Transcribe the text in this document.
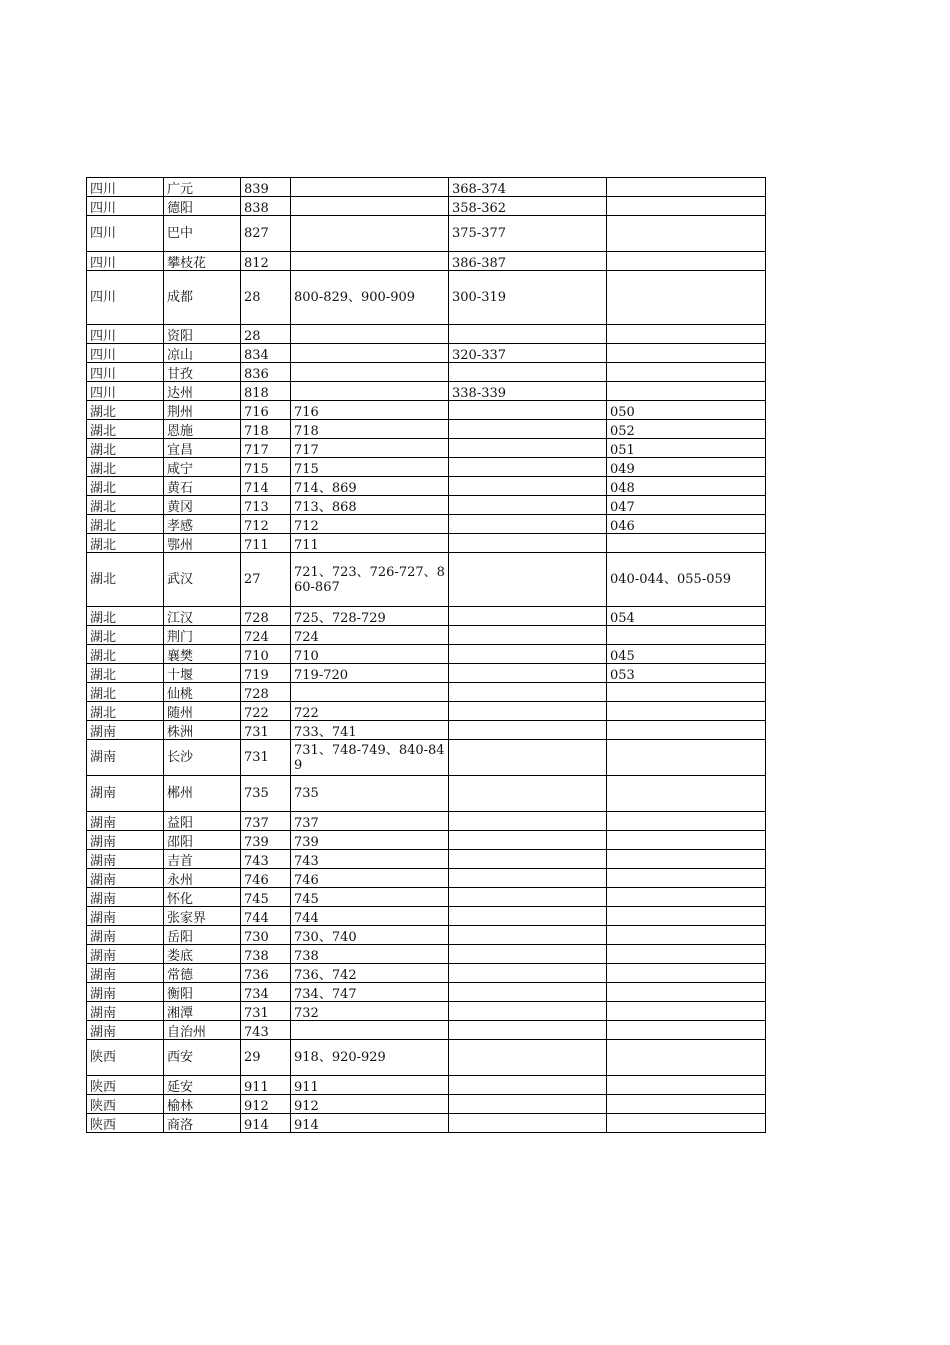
四川	广元	839		368-374	
四川	德阳	838		358-362	
四川	巴中	827		375-377	
四川	攀枝花	812		386-387	
四川	成都	28	800-829、900-909	300-319	
四川	资阳	28			
四川	凉山	834		320-337	
四川	甘孜	836			
四川	达州	818		338-339	
湖北	荆州	716	716		050
湖北	恩施	718	718		052
湖北	宜昌	717	717		051
湖北	咸宁	715	715		049
湖北	黄石	714	714、869		048
湖北	黄冈	713	713、868		047
湖北	孝感	712	712		046
湖北	鄂州	711	711		
湖北	武汉	27	721、723、726-727、860-867		040-044、055-059
湖北	江汉	728	725、728-729		054
湖北	荆门	724	724		
湖北	襄樊	710	710		045
湖北	十堰	719	719-720		053
湖北	仙桃	728			
湖北	随州	722	722		
湖南	株洲	731	733、741		
湖南	长沙	731	731、748-749、840-849		
湖南	郴州	735	735		
湖南	益阳	737	737		
湖南	邵阳	739	739		
湖南	吉首	743	743		
湖南	永州	746	746		
湖南	怀化	745	745		
湖南	张家界	744	744		
湖南	岳阳	730	730、740		
湖南	娄底	738	738		
湖南	常德	736	736、742		
湖南	衡阳	734	734、747		
湖南	湘潭	731	732		
湖南	自治州	743			
陕西	西安	29	918、920-929		
陕西	延安	911	911		
陕西	榆林	912	912		
陕西	商洛	914	914		
